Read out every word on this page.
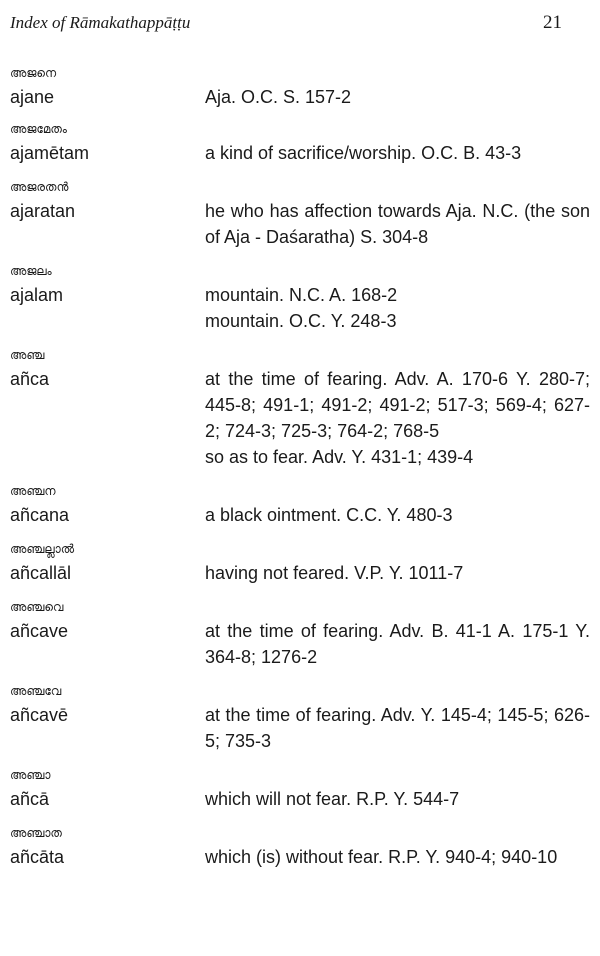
Index of Rāmakathappāṭṭu	21
അജനെ
ajane	Aja. O.C. S. 157-2
അജമേതം
ajamētam	a kind of sacrifice/worship. O.C. B. 43-3
അജരതൻ
ajaratan	he who has affection towards Aja. N.C. (the son of Aja - Daśaratha) S. 304-8
അജലം
ajalam	mountain. N.C. A. 168-2
mountain. O.C. Y. 248-3
അഞ്ച
añca	at the time of fearing. Adv. A. 170-6 Y. 280-7; 445-8; 491-1; 491-2; 491-2; 517-3; 569-4; 627-2; 724-3; 725-3; 764-2; 768-5
so as to fear. Adv. Y. 431-1; 439-4
അഞ്ചന
añcana	a black ointment. C.C. Y. 480-3
അഞ്ചല്ലാൽ
añcallāl	having not feared. V.P. Y. 1011-7
അഞ്ചവെ
añcave	at the time of fearing. Adv. B. 41-1 A. 175-1 Y. 364-8; 1276-2
അഞ്ചവേ
añcavē	at the time of fearing. Adv. Y. 145-4; 145-5; 626-5; 735-3
അഞ്ചാ
añcā	which will not fear. R.P. Y. 544-7
അഞ്ചാത
añcāta	which (is) without fear. R.P. Y. 940-4; 940-10
